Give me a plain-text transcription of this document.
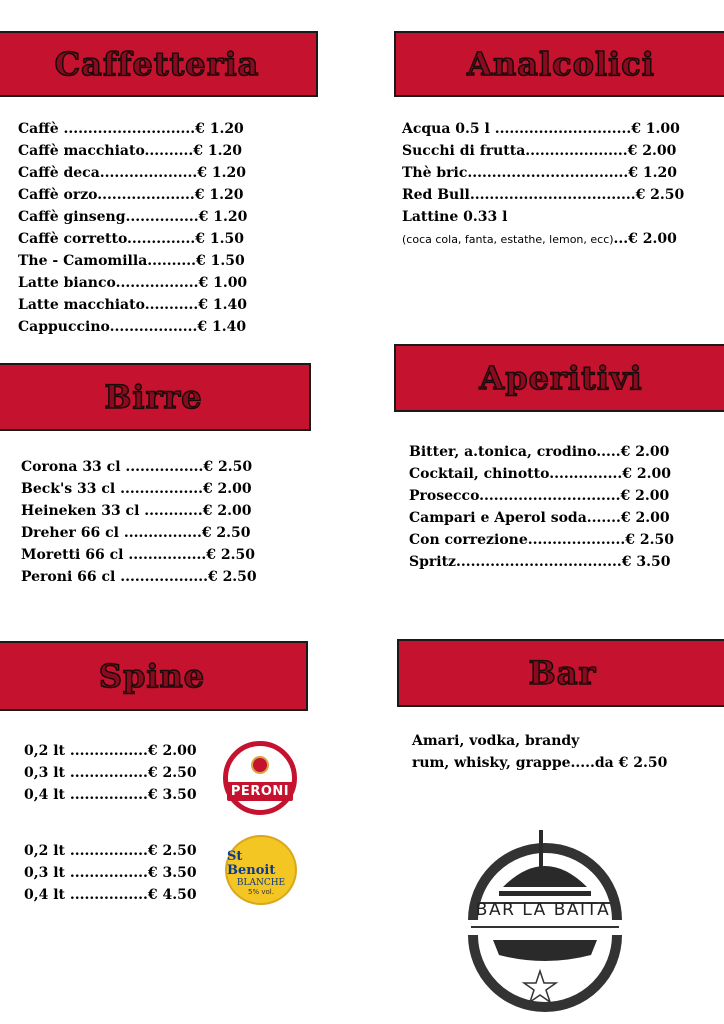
Caffetteria
Caffè ...........................€ 1.20
Caffè macchiato..........€ 1.20
Caffè deca....................€ 1.20
Caffè orzo....................€ 1.20
Caffè ginseng...............€ 1.20
Caffè corretto..............€ 1.50
The - Camomilla..........€ 1.50
Latte bianco.................€ 1.00
Latte macchiato...........€ 1.40
Cappuccino..................€ 1.40
Analcolici
Acqua 0.5 l ............................€ 1.00
Succhi di frutta.....................€ 2.00
Thè bric.................................€ 1.20
Red Bull..................................€ 2.50
Lattine 0.33 l
(coca cola, fanta, estathe, lemon, ecc)...€ 2.00
Birre
Corona 33 cl ................€ 2.50
Beck's 33 cl .................€ 2.00
Heineken 33 cl ............€ 2.00
Dreher 66 cl ................€ 2.50
Moretti 66 cl ................€ 2.50
Peroni 66 cl ..................€ 2.50
Aperitivi
Bitter, a.tonica, crodino.....€ 2.00
Cocktail, chinotto...............€ 2.00
Prosecco.............................€ 2.00
Campari e Aperol soda.......€ 2.00
Con correzione....................€ 2.50
Spritz..................................€ 3.50
Spine
0,2 lt ................€ 2.00
0,3 lt ................€ 2.50
0,4 lt ................€ 3.50	PERONI
0,2 lt ................€ 2.50
0,3 lt ................€ 3.50
0,4 lt ................€ 4.50
St Benoit
BLANCHE
5% vol.
Bar
Amari, vodka, brandy
rum, whisky, grappe.....da € 2.50
BAR LA BAITA
